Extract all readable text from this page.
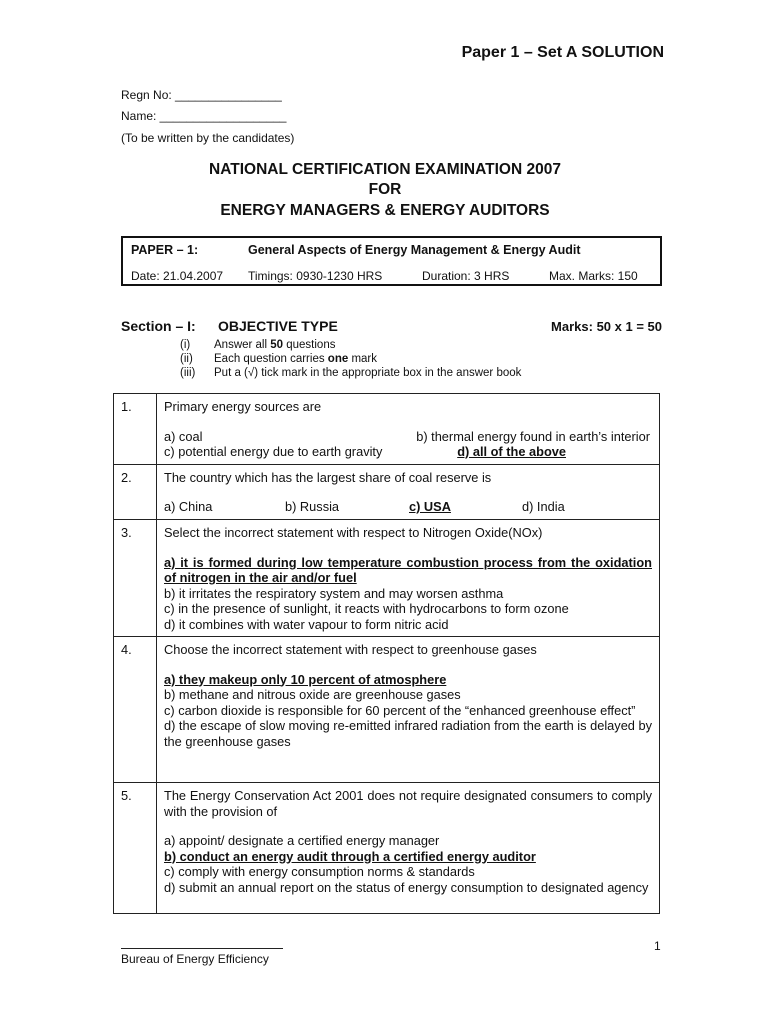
Paper 1 – Set A SOLUTION
Regn No: ________________
Name: ___________________
(To be written by the candidates)
NATIONAL CERTIFICATION EXAMINATION 2007
FOR
ENERGY MANAGERS & ENERGY AUDITORS
PAPER – 1:	General Aspects of Energy Management & Energy Audit
Date: 21.04.2007 Timings: 0930-1230 HRS	Duration: 3 HRS	Max. Marks: 150
Section – I: OBJECTIVE TYPE	Marks: 50 x 1 = 50
(i) Answer all 50 questions
(ii) Each question carries one mark
(iii) Put a (√) tick mark in the appropriate box in the answer book
1.	Primary energy sources are
a) coal b) thermal energy found in earth’s interior
c) potential energy due to earth gravity d) all of the above

2.	The country which has the largest share of coal reserve is
a) China b) Russia c) USA d) India

3.	Select the incorrect statement with respect to Nitrogen Oxide(NOx)
a) it is formed during low temperature combustion process from the oxidation of nitrogen in the air and/or fuel
b) it irritates the respiratory system and may worsen asthma
c) in the presence of sunlight, it reacts with hydrocarbons to form ozone
d) it combines with water vapour to form nitric acid

4.	Choose the incorrect statement with respect to greenhouse gases
a) they makeup only 10 percent of atmosphere
b) methane and nitrous oxide are greenhouse gases
c) carbon dioxide is responsible for 60 percent of the “enhanced greenhouse effect”
d) the escape of slow moving re-emitted infrared radiation from the earth is delayed by the greenhouse gases

5.	The Energy Conservation Act 2001 does not require designated consumers to comply with the provision of
a) appoint/ designate a certified energy manager
b) conduct an energy audit through a certified energy auditor
c) comply with energy consumption norms & standards
d) submit an annual report on the status of energy consumption to designated agency
Bureau of Energy Efficiency
1
